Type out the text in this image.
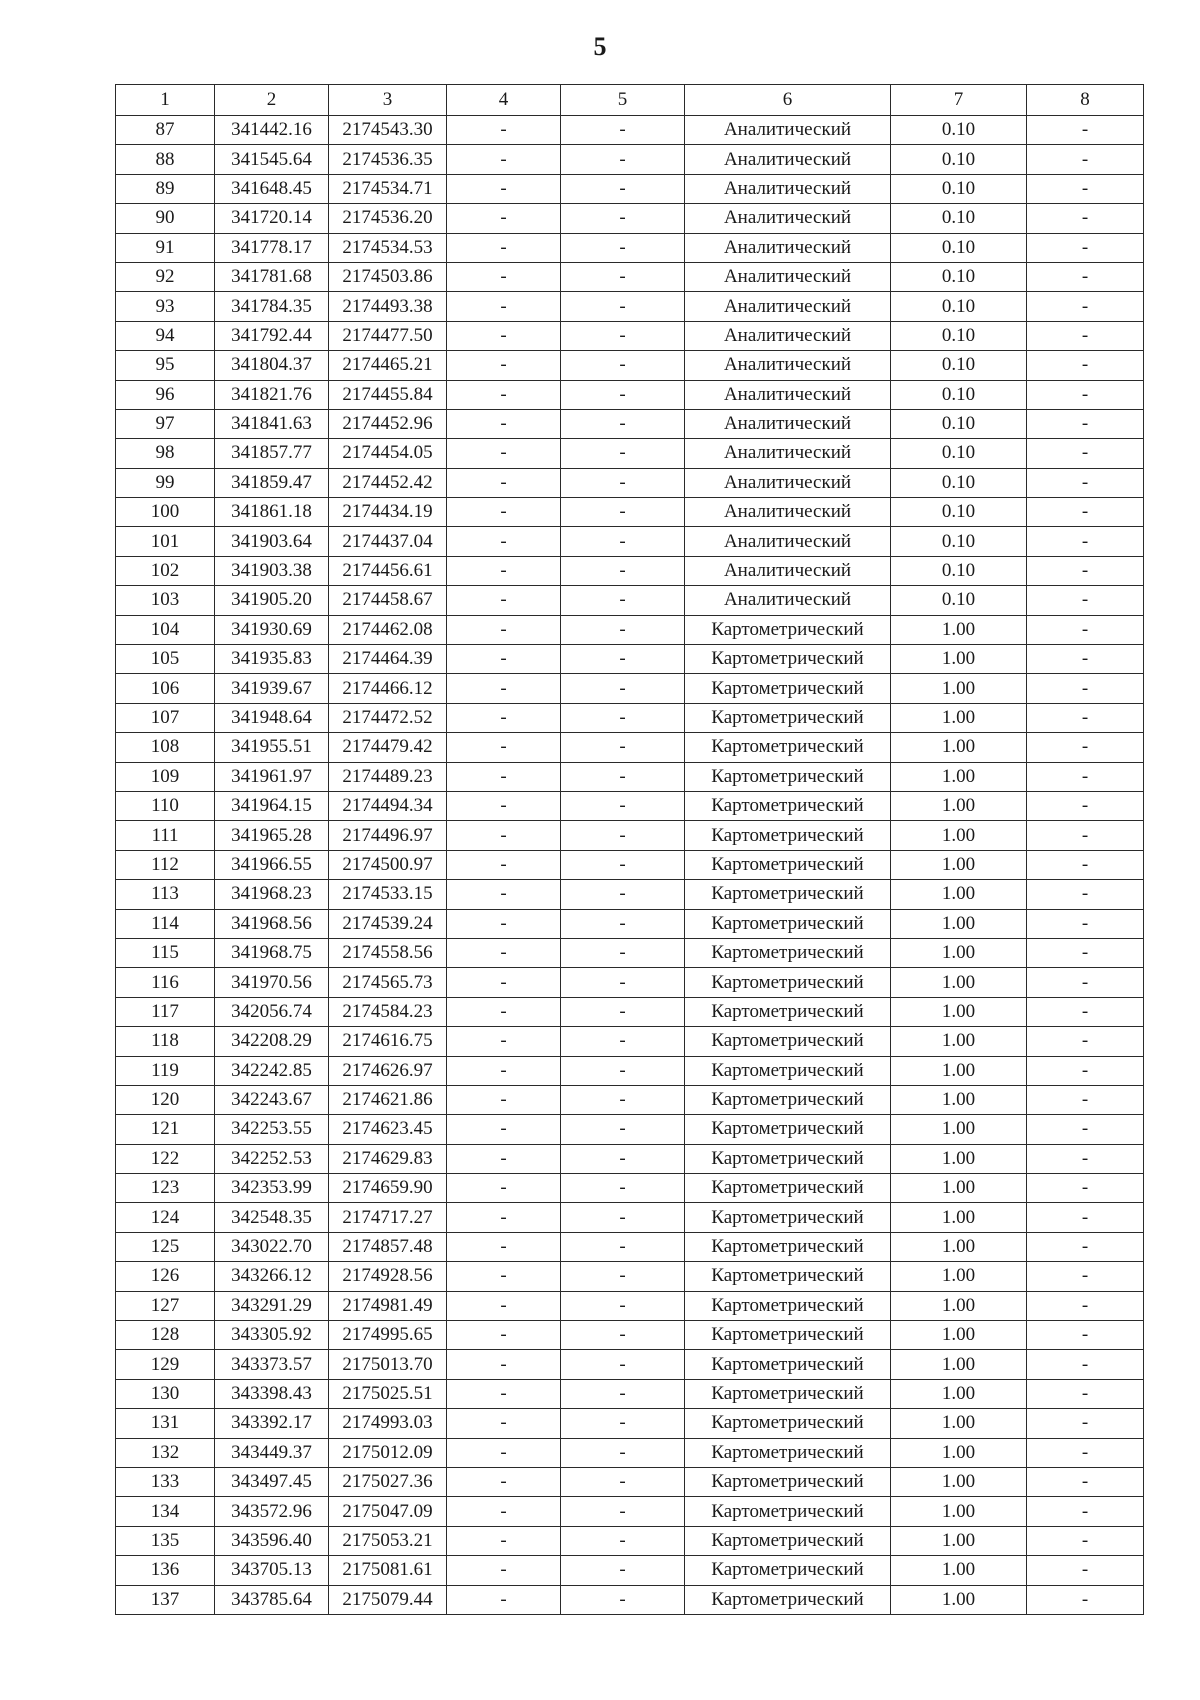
5
1	2	3	4	5	6	7	8
87	341442.16	2174543.30	-	-	Аналитический	0.10	-
88	341545.64	2174536.35	-	-	Аналитический	0.10	-
89	341648.45	2174534.71	-	-	Аналитический	0.10	-
90	341720.14	2174536.20	-	-	Аналитический	0.10	-
91	341778.17	2174534.53	-	-	Аналитический	0.10	-
92	341781.68	2174503.86	-	-	Аналитический	0.10	-
93	341784.35	2174493.38	-	-	Аналитический	0.10	-
94	341792.44	2174477.50	-	-	Аналитический	0.10	-
95	341804.37	2174465.21	-	-	Аналитический	0.10	-
96	341821.76	2174455.84	-	-	Аналитический	0.10	-
97	341841.63	2174452.96	-	-	Аналитический	0.10	-
98	341857.77	2174454.05	-	-	Аналитический	0.10	-
99	341859.47	2174452.42	-	-	Аналитический	0.10	-
100	341861.18	2174434.19	-	-	Аналитический	0.10	-
101	341903.64	2174437.04	-	-	Аналитический	0.10	-
102	341903.38	2174456.61	-	-	Аналитический	0.10	-
103	341905.20	2174458.67	-	-	Аналитический	0.10	-
104	341930.69	2174462.08	-	-	Картометрический	1.00	-
105	341935.83	2174464.39	-	-	Картометрический	1.00	-
106	341939.67	2174466.12	-	-	Картометрический	1.00	-
107	341948.64	2174472.52	-	-	Картометрический	1.00	-
108	341955.51	2174479.42	-	-	Картометрический	1.00	-
109	341961.97	2174489.23	-	-	Картометрический	1.00	-
110	341964.15	2174494.34	-	-	Картометрический	1.00	-
111	341965.28	2174496.97	-	-	Картометрический	1.00	-
112	341966.55	2174500.97	-	-	Картометрический	1.00	-
113	341968.23	2174533.15	-	-	Картометрический	1.00	-
114	341968.56	2174539.24	-	-	Картометрический	1.00	-
115	341968.75	2174558.56	-	-	Картометрический	1.00	-
116	341970.56	2174565.73	-	-	Картометрический	1.00	-
117	342056.74	2174584.23	-	-	Картометрический	1.00	-
118	342208.29	2174616.75	-	-	Картометрический	1.00	-
119	342242.85	2174626.97	-	-	Картометрический	1.00	-
120	342243.67	2174621.86	-	-	Картометрический	1.00	-
121	342253.55	2174623.45	-	-	Картометрический	1.00	-
122	342252.53	2174629.83	-	-	Картометрический	1.00	-
123	342353.99	2174659.90	-	-	Картометрический	1.00	-
124	342548.35	2174717.27	-	-	Картометрический	1.00	-
125	343022.70	2174857.48	-	-	Картометрический	1.00	-
126	343266.12	2174928.56	-	-	Картометрический	1.00	-
127	343291.29	2174981.49	-	-	Картометрический	1.00	-
128	343305.92	2174995.65	-	-	Картометрический	1.00	-
129	343373.57	2175013.70	-	-	Картометрический	1.00	-
130	343398.43	2175025.51	-	-	Картометрический	1.00	-
131	343392.17	2174993.03	-	-	Картометрический	1.00	-
132	343449.37	2175012.09	-	-	Картометрический	1.00	-
133	343497.45	2175027.36	-	-	Картометрический	1.00	-
134	343572.96	2175047.09	-	-	Картометрический	1.00	-
135	343596.40	2175053.21	-	-	Картометрический	1.00	-
136	343705.13	2175081.61	-	-	Картометрический	1.00	-
137	343785.64	2175079.44	-	-	Картометрический	1.00	-
